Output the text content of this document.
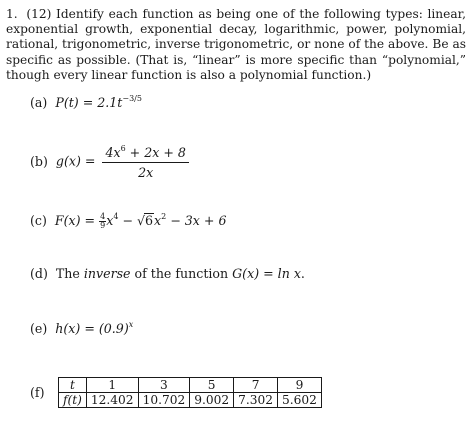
1. (12) Identify each function as being one of the following types: linear, exponential growth, exponential decay, logarithmic, power, polynomial, rational, trigonometric, inverse trigonometric, or none of the above. Be as specific as possible. (That is, “linear” is more specific than “polynomial,” though every linear function is also a polynomial function.)
(a) $P(t) = 2.1t^{-3/5}$
(b) $g(x) = \frac{4x^6 + 2x + 8}{2x}$
(c) $F(x) = \frac{4}{9} x^4 - √6x^2 - 3x + 6$
(d) The inverse of the function G(x) = ln x.
(e) $h(x) = (0.9)^x$
(f) t	1	3	5	7	9
f(t)	12.402	10.702	9.002	7.302	5.602
